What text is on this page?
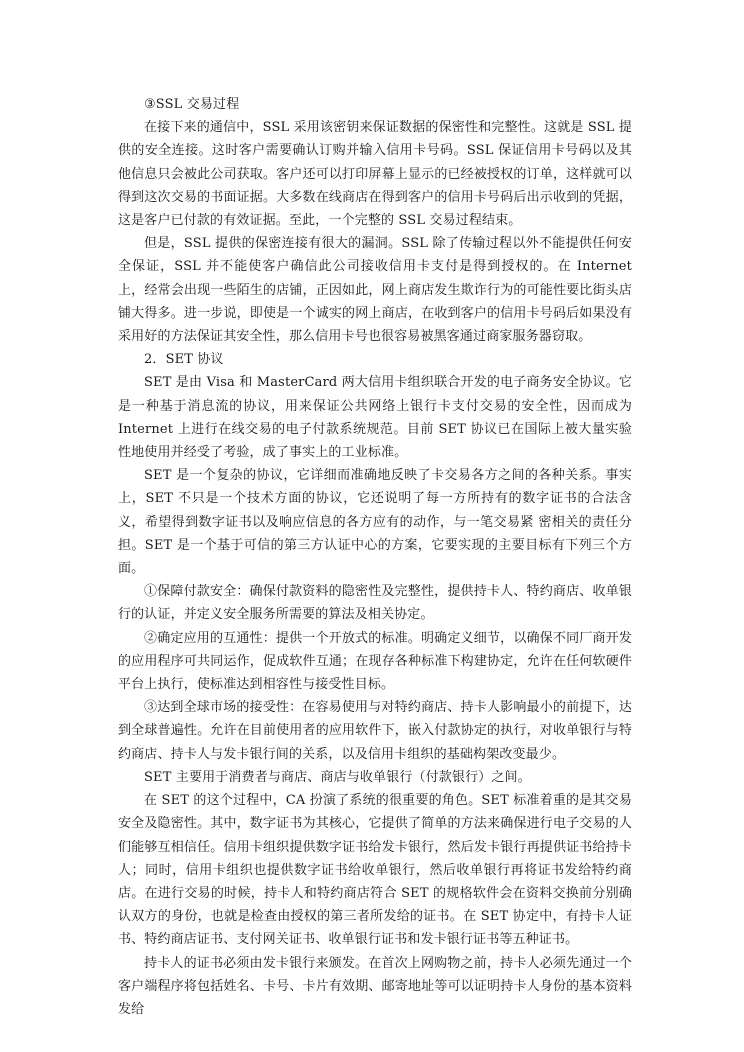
③SSL 交易过程

在接下来的通信中，SSL 采用该密钥来保证数据的保密性和完整性。这就是 SSL 提供的安全连接。这时客户需要确认订购并输入信用卡号码。SSL 保证信用卡号码以及其他信息只会被此公司获取。客户还可以打印屏幕上显示的已经被授权的订单，这样就可以得到这次交易的书面证据。大多数在线商店在得到客户的信用卡号码后出示收到的凭据，这是客户已付款的有效证据。至此，一个完整的 SSL 交易过程结束。

但是，SSL 提供的保密连接有很大的漏洞。SSL 除了传输过程以外不能提供任何安全保证，SSL 并不能使客户确信此公司接收信用卡支付是得到授权的。在 Internet 上，经常会出现一些陌生的店铺，正因如此，网上商店发生欺诈行为的可能性要比街头店铺大得多。进一步说，即使是一个诚实的网上商店，在收到客户的信用卡号码后如果没有采用好的方法保证其安全性，那么信用卡号也很容易被黑客通过商家服务器窃取。

2．SET 协议

SET 是由 Visa 和 MasterCard 两大信用卡组织联合开发的电子商务安全协议。它是一种基于消息流的协议，用来保证公共网络上银行卡支付交易的安全性，因而成为 Internet 上进行在线交易的电子付款系统规范。目前 SET 协议已在国际上被大量实验性地使用并经受了考验，成了事实上的工业标准。

SET 是一个复杂的协议，它详细而准确地反映了卡交易各方之间的各种关系。事实上，SET 不只是一个技术方面的协议，它还说明了每一方所持有的数字证书的合法含义，希望得到数字证书以及响应信息的各方应有的动作，与一笔交易紧 密相关的责任分担。SET 是一个基于可信的第三方认证中心的方案，它要实现的主要目标有下列三个方面。

①保障付款安全：确保付款资料的隐密性及完整性，提供持卡人、特约商店、收单银行的认证，并定义安全服务所需要的算法及相关协定。

②确定应用的互通性：提供一个开放式的标准。明确定义细节，以确保不同厂商开发的应用程序可共同运作，促成软件互通；在现存各种标准下构建协定，允许在任何软硬件平台上执行，使标准达到相容性与接受性目标。

③达到全球市场的接受性：在容易使用与对特约商店、持卡人影响最小的前提下，达到全球普遍性。允许在目前使用者的应用软件下，嵌入付款协定的执行，对收单银行与特约商店、持卡人与发卡银行间的关系，以及信用卡组织的基础构架改变最少。

SET 主要用于消费者与商店、商店与收单银行（付款银行）之间。

在 SET 的这个过程中，CA 扮演了系统的很重要的角色。SET 标准着重的是其交易安全及隐密性。其中，数字证书为其核心，它提供了简单的方法来确保进行电子交易的人们能够互相信任。信用卡组织提供数字证书给发卡银行，然后发卡银行再提供证书给持卡人；同时，信用卡组织也提供数字证书给收单银行，然后收单银行再将证书发给特约商店。在进行交易的时候，持卡人和特约商店符合 SET 的规格软件会在资料交换前分别确认双方的身份，也就是检查由授权的第三者所发给的证书。在 SET 协定中，有持卡人证书、特约商店证书、支付网关证书、收单银行证书和发卡银行证书等五种证书。

持卡人的证书必须由发卡银行来颁发。在首次上网购物之前，持卡人必须先通过一个客户端程序将包括姓名、卡号、卡片有效期、邮寄地址等可以证明持卡人身份的基本资料发给
